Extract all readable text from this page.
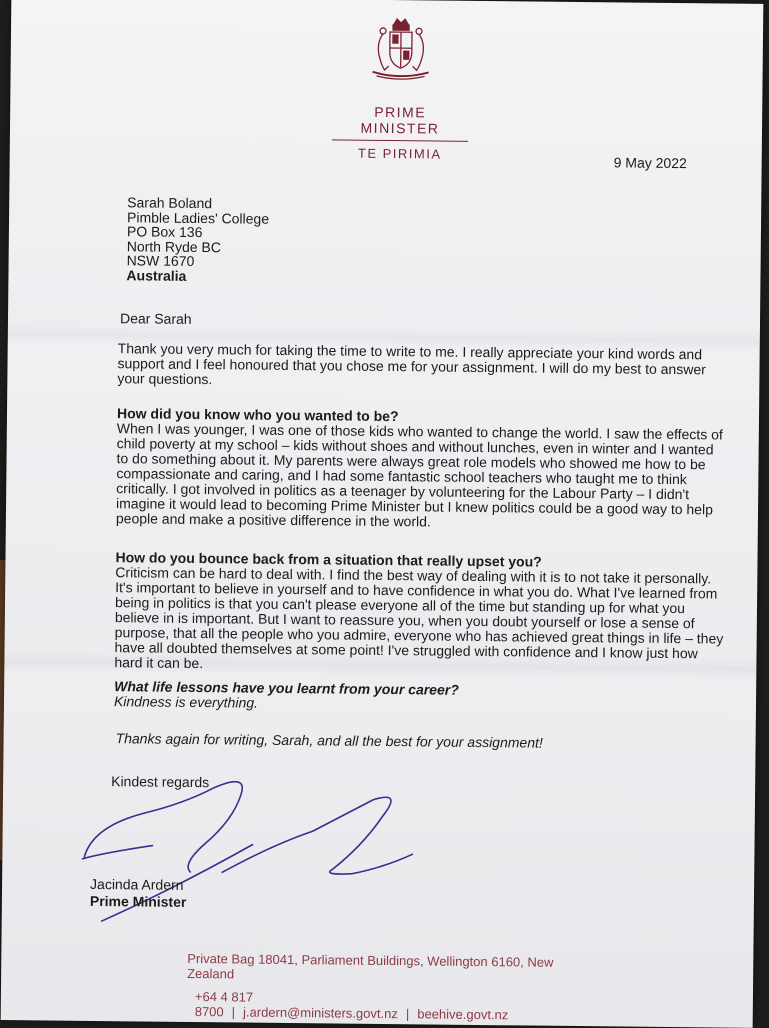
PRIME MINISTER
TE PIRIMIA
9 May 2022
Sarah Boland
Pimble Ladies' College
PO Box 136
North Ryde BC
NSW 1670
Australia
Dear Sarah
Thank you very much for taking the time to write to me. I really appreciate your kind words and support and I feel honoured that you chose me for your assignment. I will do my best to answer your questions.
How did you know who you wanted to be?
When I was younger, I was one of those kids who wanted to change the world. I saw the effects of child poverty at my school – kids without shoes and without lunches, even in winter and I wanted to do something about it. My parents were always great role models who showed me how to be compassionate and caring, and I had some fantastic school teachers who taught me to think critically. I got involved in politics as a teenager by volunteering for the Labour Party – I didn't imagine it would lead to becoming Prime Minister but I knew politics could be a good way to help people and make a positive difference in the world.
How do you bounce back from a situation that really upset you?
Criticism can be hard to deal with. I find the best way of dealing with it is to not take it personally. It's important to believe in yourself and to have confidence in what you do. What I've learned from being in politics is that you can't please everyone all of the time but standing up for what you believe in is important. But I want to reassure you, when you doubt yourself or lose a sense of purpose, that all the people who you admire, everyone who has achieved great things in life – they have all doubted themselves at some point! I've struggled with confidence and I know just how hard it can be.
What life lessons have you learnt from your career?
Kindness is everything.
Thanks again for writing, Sarah, and all the best for your assignment!
Kindest regards
Jacinda Ardern
Prime Minister
Private Bag 18041, Parliament Buildings, Wellington 6160, New Zealand
+64 4 817 8700 | j.ardern@ministers.govt.nz | beehive.govt.nz
